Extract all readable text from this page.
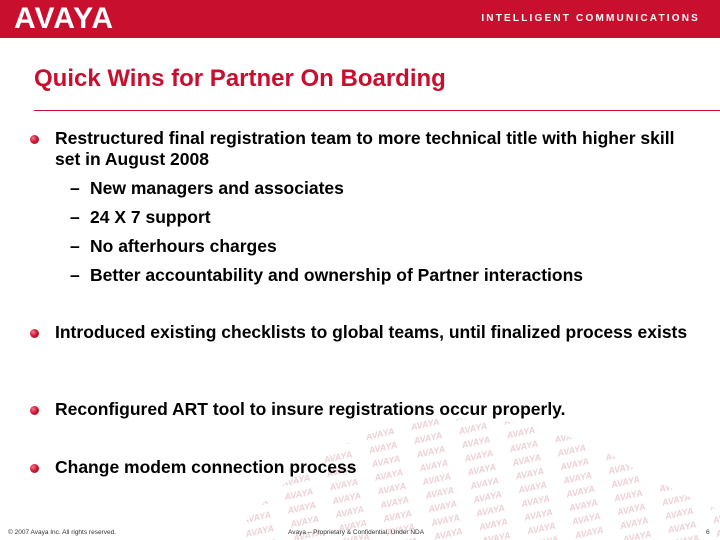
AVAYA	INTELLIGENT COMMUNICATIONS
Quick Wins for Partner On Boarding
Restructured final registration team to more technical title with higher skill set in August 2008
– New managers and associates
– 24 X 7 support
– No afterhours charges
– Better accountability and ownership of Partner interactions
Introduced existing checklists to global teams, until finalized process exists
Reconfigured ART tool to insure registrations occur properly.
Change modem connection process
© 2007 Avaya Inc. All rights reserved.	Avaya – Proprietary & Confidential. Under NDA	6
